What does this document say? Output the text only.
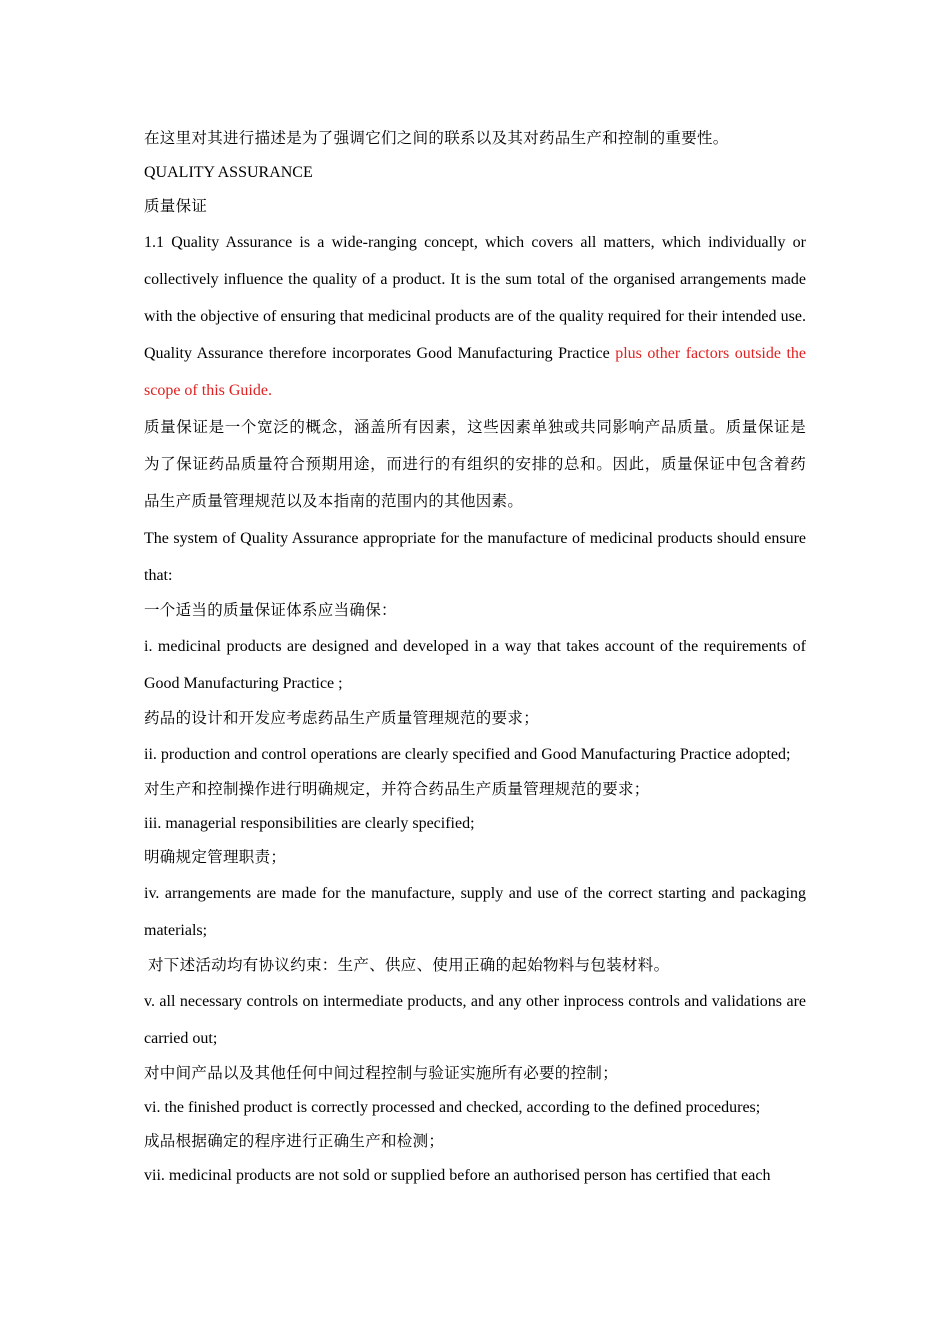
在这里对其进行描述是为了强调它们之间的联系以及其对药品生产和控制的重要性。

QUALITY ASSURANCE

质量保证

1.1 Quality Assurance is a wide-ranging concept, which covers all matters, which individually or collectively influence the quality of a product. It is the sum total of the organised arrangements made with the objective of ensuring that medicinal products are of the quality required for their intended use. Quality Assurance therefore incorporates Good Manufacturing Practice plus other factors outside the scope of this Guide.

质量保证是一个宽泛的概念，涵盖所有因素，这些因素单独或共同影响产品质量。质量保证是为了保证药品质量符合预期用途，而进行的有组织的安排的总和。因此，质量保证中包含着药品生产质量管理规范以及本指南的范围内的其他因素。

The system of Quality Assurance appropriate for the manufacture of medicinal products should ensure that:

一个适当的质量保证体系应当确保：

i. medicinal products are designed and developed in a way that takes account of the requirements of Good Manufacturing Practice ;

药品的设计和开发应考虑药品生产质量管理规范的要求；

ii. production and control operations are clearly specified and Good Manufacturing Practice adopted;

对生产和控制操作进行明确规定，并符合药品生产质量管理规范的要求；

iii. managerial responsibilities are clearly specified;

明确规定管理职责；

iv. arrangements are made for the manufacture, supply and use of the correct starting and packaging materials;

对下述活动均有协议约束：生产、供应、使用正确的起始物料与包装材料。

v. all necessary controls on intermediate products, and any other inprocess controls and validations are carried out;

对中间产品以及其他任何中间过程控制与验证实施所有必要的控制；

vi. the finished product is correctly processed and checked, according to the defined procedures;

成品根据确定的程序进行正确生产和检测；

vii. medicinal products are not sold or supplied before an authorised person has certified that each
